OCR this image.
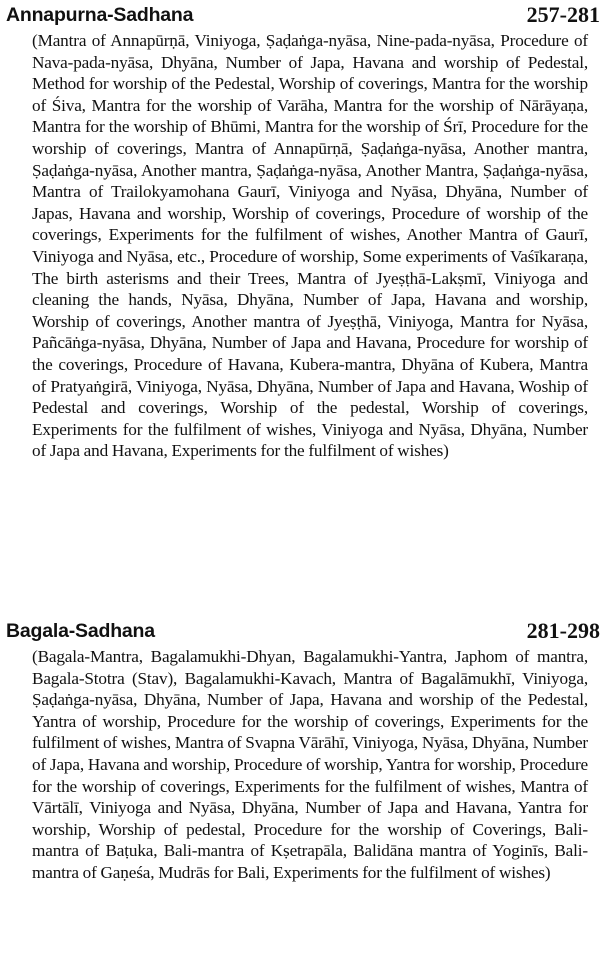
Annapurna-Sadhana	257-281

(Mantra of Annapūrṇā, Viniyoga, Ṣaḍaṅga-nyāsa, Nine-pada-nyāsa, Procedure of Nava-pada-nyāsa, Dhyāna, Number of Japa, Havana and worship of Pedestal, Method for worship of the Pedestal, Worship of coverings, Mantra for the worship of Śiva, Mantra for the worship of Varāha, Mantra for the worship of Nārāyaṇa, Mantra for the worship of Bhūmi, Mantra for the worship of Śrī, Procedure for the worship of coverings, Mantra of Annapūrṇā, Ṣaḍaṅga-nyāsa, Another mantra, Ṣaḍaṅga-nyāsa, Another mantra, Ṣaḍaṅga-nyāsa, Another Mantra, Ṣaḍaṅga-nyāsa, Mantra of Trailokyamohana Gaurī, Viniyoga and Nyāsa, Dhyāna, Number of Japas, Havana and worship, Worship of coverings, Procedure of worship of the coverings, Experiments for the fulfilment of wishes, Another Mantra of Gaurī, Viniyoga and Nyāsa, etc., Procedure of worship, Some experiments of Vaśīkaraṇa, The birth asterisms and their Trees, Mantra of Jyeṣṭhā-Lakṣmī, Viniyoga and cleaning the hands, Nyāsa, Dhyāna, Number of Japa, Havana and worship, Worship of coverings, Another mantra of Jyeṣṭhā, Viniyoga, Mantra for Nyāsa, Pañcāṅga-nyāsa, Dhyāna, Number of Japa and Havana, Procedure for worship of the coverings, Procedure of Havana, Kubera-mantra, Dhyāna of Kubera, Mantra of Pratyaṅgirā, Viniyoga, Nyāsa, Dhyāna, Number of Japa and Havana, Woship of Pedestal and coverings, Worship of the pedestal, Worship of coverings, Experiments for the fulfilment of wishes, Viniyoga and Nyāsa, Dhyāna, Number of Japa and Havana, Experiments for the fulfilment of wishes)

Bagala-Sadhana	281-298

(Bagala-Mantra, Bagalamukhi-Dhyan, Bagalamukhi-Yantra, Japhom of mantra, Bagala-Stotra (Stav), Bagalamukhi-Kavach, Mantra of Bagalāmukhī, Viniyoga, Ṣaḍaṅga-nyāsa, Dhyāna, Number of Japa, Havana and worship of the Pedestal, Yantra of worship, Procedure for the worship of coverings, Experiments for the fulfilment of wishes, Mantra of Svapna Vārāhī, Viniyoga, Nyāsa, Dhyāna, Number of Japa, Havana and worship, Procedure of worship, Yantra for worship, Procedure for the worship of coverings, Experiments for the fulfilment of wishes, Mantra of Vārtālī, Viniyoga and Nyāsa, Dhyāna, Number of Japa and Havana, Yantra for worship, Worship of pedestal, Procedure for the worship of Coverings, Bali-mantra of Baṭuka, Bali-mantra of Kṣetrapāla, Balidāna mantra of Yoginīs, Bali-mantra of Gaṇeśa, Mudrās for Bali, Experiments for the fulfilment of wishes)
